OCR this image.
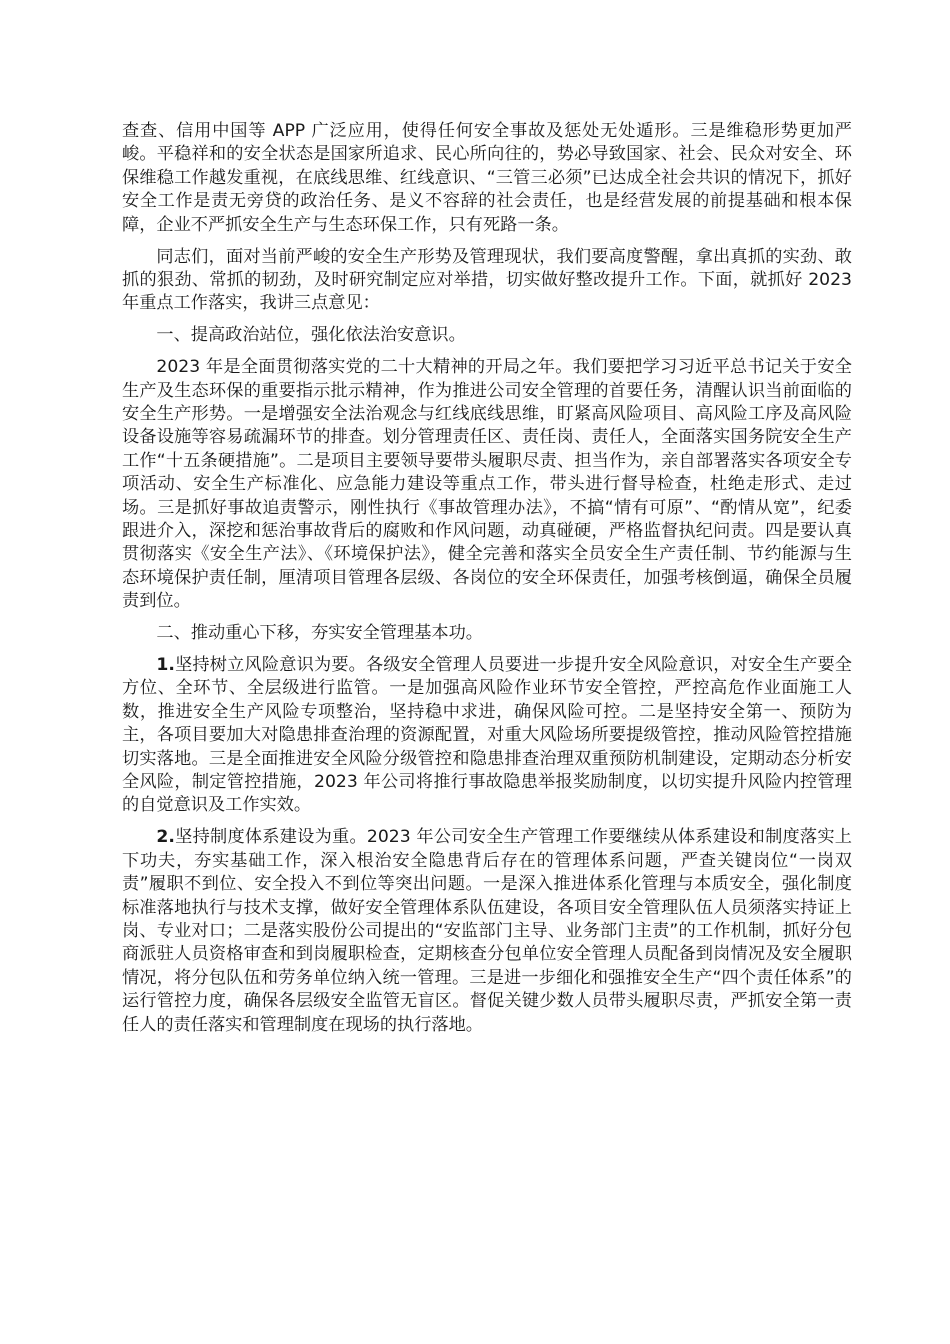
查查、信用中国等 APP 广泛应用，使得任何安全事故及惩处无处遁形。三是维稳形势更加严峻。平稳祥和的安全状态是国家所追求、民心所向往的，势必导致国家、社会、民众对安全、环保维稳工作越发重视，在底线思维、红线意识、“三管三必须”已达成全社会共识的情况下，抓好安全工作是责无旁贷的政治任务、是义不容辞的社会责任，也是经营发展的前提基础和根本保障，企业不严抓安全生产与生态环保工作，只有死路一条。

同志们，面对当前严峻的安全生产形势及管理现状，我们要高度警醒，拿出真抓的实劲、敢抓的狠劲、常抓的韧劲，及时研究制定应对举措，切实做好整改提升工作。下面，就抓好 2023 年重点工作落实，我讲三点意见：

一、提高政治站位，强化依法治安意识。

2023 年是全面贯彻落实党的二十大精神的开局之年。我们要把学习习近平总书记关于安全生产及生态环保的重要指示批示精神，作为推进公司安全管理的首要任务，清醒认识当前面临的安全生产形势。一是增强安全法治观念与红线底线思维，盯紧高风险项目、高风险工序及高风险设备设施等容易疏漏环节的排查。划分管理责任区、责任岗、责任人，全面落实国务院安全生产工作“十五条硬措施”。二是项目主要领导要带头履职尽责、担当作为，亲自部署落实各项安全专项活动、安全生产标准化、应急能力建设等重点工作，带头进行督导检查，杜绝走形式、走过场。三是抓好事故追责警示，刚性执行《事故管理办法》，不搞“情有可原”、“酌情从宽”，纪委跟进介入，深挖和惩治事故背后的腐败和作风问题，动真碰硬，严格监督执纪问责。四是要认真贯彻落实《安全生产法》、《环境保护法》，健全完善和落实全员安全生产责任制、节约能源与生态环境保护责任制，厘清项目管理各层级、各岗位的安全环保责任，加强考核倒逼，确保全员履责到位。

二、推动重心下移，夯实安全管理基本功。

1.坚持树立风险意识为要。各级安全管理人员要进一步提升安全风险意识，对安全生产要全方位、全环节、全层级进行监管。一是加强高风险作业环节安全管控，严控高危作业面施工人数，推进安全生产风险专项整治，坚持稳中求进，确保风险可控。二是坚持安全第一、预防为主，各项目要加大对隐患排查治理的资源配置，对重大风险场所要提级管控，推动风险管控措施切实落地。三是全面推进安全风险分级管控和隐患排查治理双重预防机制建设，定期动态分析安全风险，制定管控措施，2023 年公司将推行事故隐患举报奖励制度，以切实提升风险内控管理的自觉意识及工作实效。

2.坚持制度体系建设为重。2023 年公司安全生产管理工作要继续从体系建设和制度落实上下功夫，夯实基础工作，深入根治安全隐患背后存在的管理体系问题，严查关键岗位“一岗双责”履职不到位、安全投入不到位等突出问题。一是深入推进体系化管理与本质安全，强化制度标准落地执行与技术支撑，做好安全管理体系队伍建设，各项目安全管理队伍人员须落实持证上岗、专业对口；二是落实股份公司提出的“安监部门主导、业务部门主责”的工作机制，抓好分包商派驻人员资格审查和到岗履职检查，定期核查分包单位安全管理人员配备到岗情况及安全履职情况，将分包队伍和劳务单位纳入统一管理。三是进一步细化和强推安全生产“四个责任体系”的运行管控力度，确保各层级安全监管无盲区。督促关键少数人员带头履职尽责，严抓安全第一责任人的责任落实和管理制度在现场的执行落地。
